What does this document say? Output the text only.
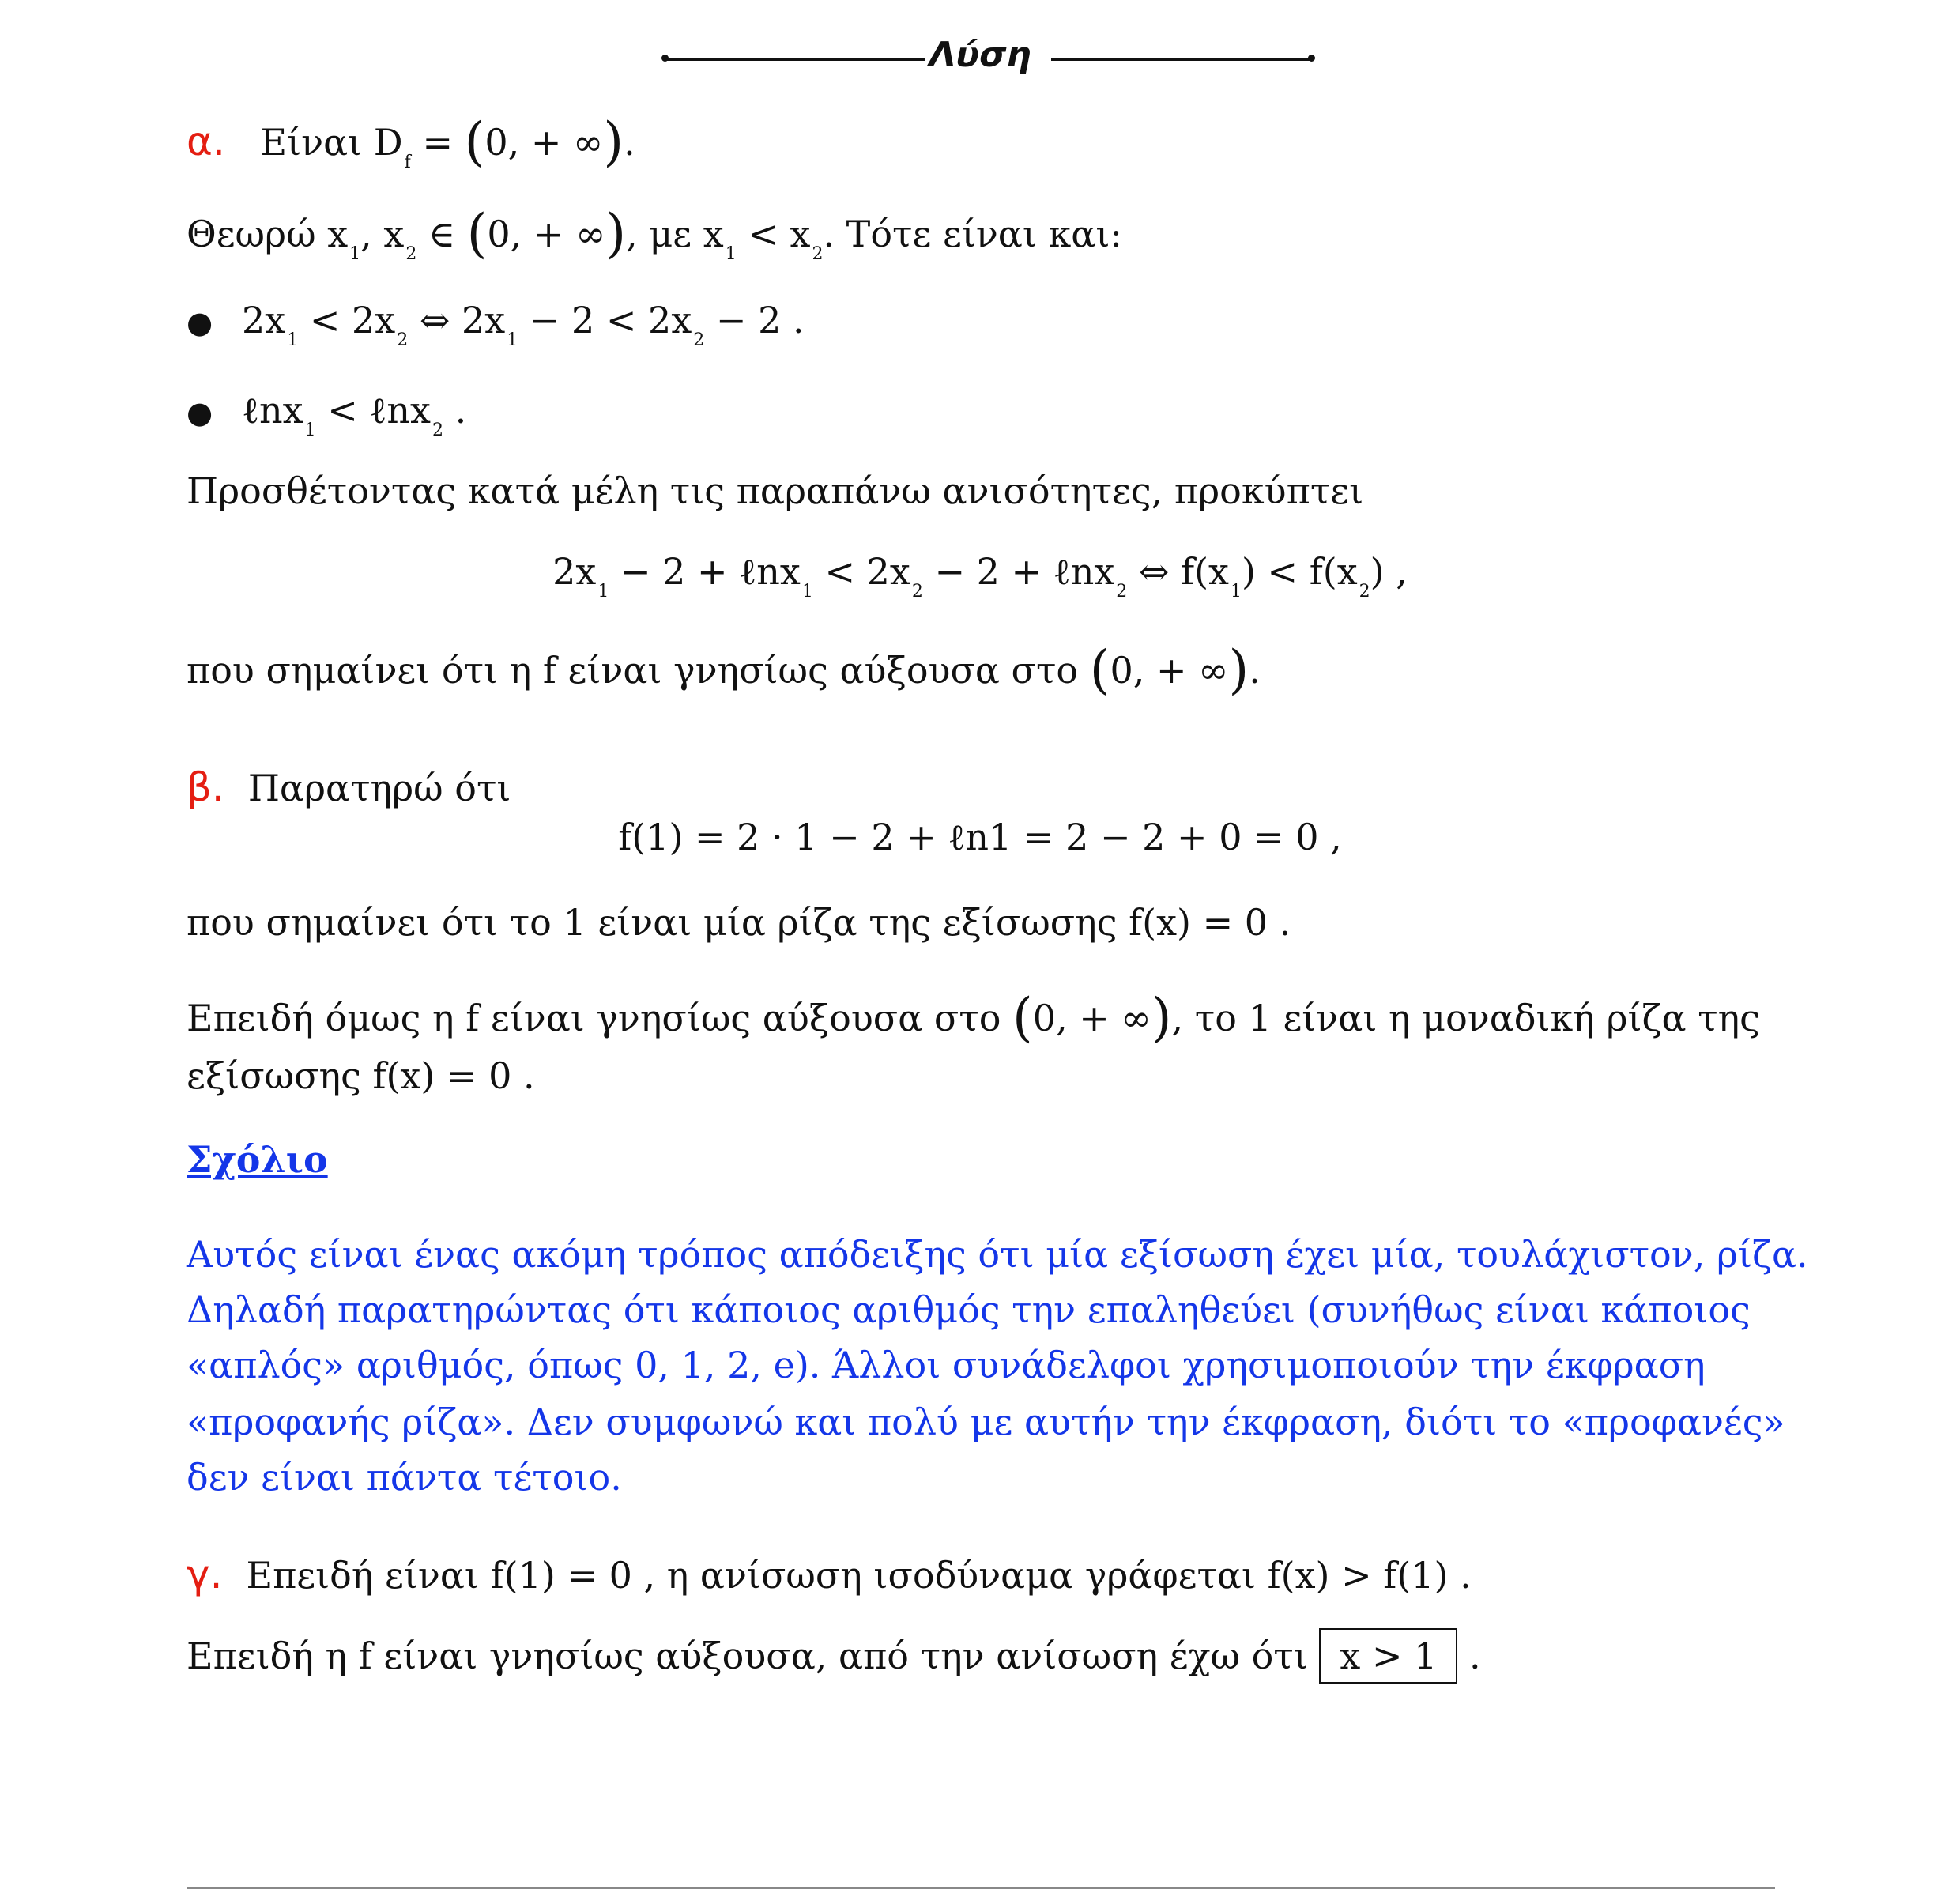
Λύση
α. Είναι $D_f = (0$, + ∞).
Θεωρώ $x_1$, $x_2$ ∈ (0, + ∞), με $x_1 < x_2$. Τότε είναι και:
● $2x_1 < 2x_2$ ⇔ $2x_1 - 2 < 2x_2 - 2$ .
● ℓnx$_1$ < ℓnx$_2$ .
Προσθέτοντας κατά μέλη τις παραπάνω ανισότητες, προκύπτει
$2x_1 - 2$ + ℓnx$_1$ < $2x_2 - 2$ + ℓnx$_2$ ⇔ $f(x_1) < f(x_2)$ ,
που σημαίνει ότι η f είναι γνησίως αύξουσα στο (0, + ∞).
β. Παρατηρώ ότι
f(1) = 2 · 1 − 2 + ℓn1 = 2 − 2 + 0 = 0 ,
που σημαίνει ότι το 1 είναι μία ρίζα της εξίσωσης f(x) = 0 .
Επειδή όμως η f είναι γνησίως αύξουσα στο (0, + ∞), το 1 είναι η μοναδική ρίζα της
εξίσωσης f(x) = 0 .
Σχόλιο
Αυτός είναι ένας ακόμη τρόπος απόδειξης ότι μία εξίσωση έχει μία, τουλάχιστον, ρίζα.
Δηλαδή παρατηρώντας ότι κάποιος αριθμός την επαληθεύει (συνήθως είναι κάποιος
«απλός» αριθμός, όπως 0, 1, 2, e). Άλλοι συνάδελφοι χρησιμοποιούν την έκφραση
«προφανής ρίζα». Δεν συμφωνώ και πολύ με αυτήν την έκφραση, διότι το «προφανές»
δεν είναι πάντα τέτοιο.
γ. Επειδή είναι f(1) = 0 , η ανίσωση ισοδύναμα γράφεται f(x) > f(1) .
Επειδή η f είναι γνησίως αύξουσα, από την ανίσωση έχω ότι x > 1 .
